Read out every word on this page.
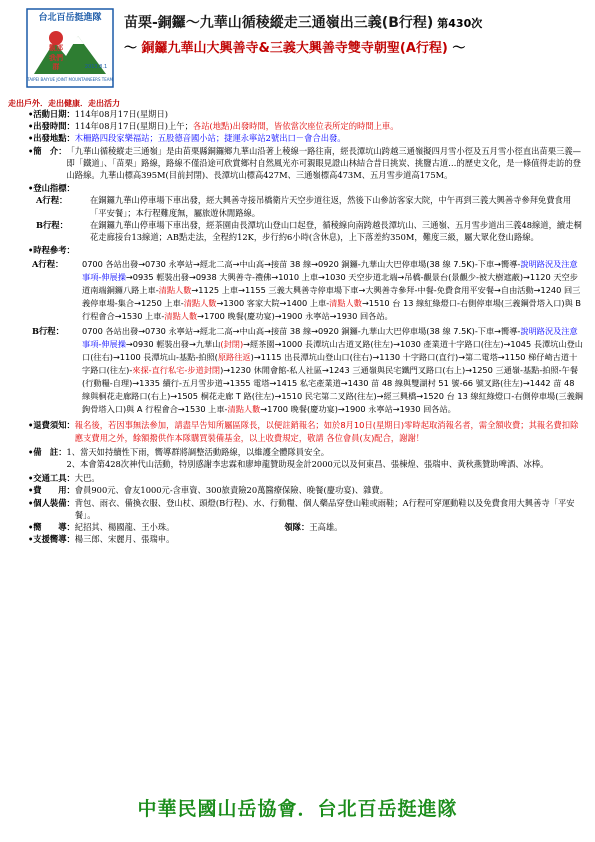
台北百岳挺進隊
觀那
我們
群
TAIPEI BAIYUE JOINT MOUNTAINEERS TEAM
2013.8.1
苗栗-銅鑼～九華山循稜縱走三通嶺出三義(B行程) 第430次
～ 銅鑼九華山大興善寺&三義大興善寺雙寺朝聖(A行程) ～
走出戶外．走出健康．走出活力
•活動日期：114年08月17日(星期日)
•出發時間：114年08月17日(星期日)上午；各站(地點)出發時間，皆依當次座位表所定的時間上車。
•出發地點：木柵路四段家樂福站；五股德音國小站；捷運永寧站2號出口－會合出發。
•簡　介： 「九華山循稜縱走三通嶺」是由苗栗縣銅鑼鄉九華山沿著上稜線一路往南，經長潭坑山跨越三通嶺擬四月雪小徑及五月雪小徑直出苗栗三義—即「鐵道」、「苗栗」路線，路線不僅沿途可欣賞鄉村自然風光亦可親眼見證山林結合昔日挑炭、挑鹽古道…的歷史文化，是一條值得走訪的登山路線。九華山標高395M(目前封閉)、長潭坑山標高427M、三通嶺標高473M、五月雪步道高175M。
•登山指標：
A行程：	在銅鑼九華山停車場下車出發，經大興善寺接吊橋衛片天空步道往返，然後下山參訪客家大院，中午再到三義大興善寺參拜免費食用「平安餐」；本行程難度無，屬旅遊休閒路線。
B行程：	在銅鑼九華山停車場下車出發，經茶園由長潭坑山登山口起登，循稜線向南跨越長潭坑山、三通嶺、五月雪步道出三義48線道，續走桐花走廊接台13線道；AB點走法，全程約12K，步行約6小時(含休息)，上下落差約350M，難度三級，屬大眾化登山路線。
•時程參考：
A行程：	0700 各站出發→0730 永寧站→經北二高→中山高→接苗 38 線→0920 銅鑼-九華山大巴停車場(38 線 7.5K)-下車→嚮導-說明路況及注意事項-伸展操→0935 輕裝出發→0938 大興善寺-禮佛→1010 上車→1030 天空步道北端→吊橋-觀景台(景觀少-被大樹遮蔽)→1120 天空步道南端銅鑼八路上車-清點人數→1125 上車→1155 三義大興善寺停車場下車→大興善寺參拜-中餐-免費食用平安餐→自由活動→1240 回三義停車場-集合→1250 上車-清點人數→1300 客家大院→1400 上車-清點人數→1510 台 13 線紅綠燈口-右側停車場(三義鋼骨塔入口)與 B 行程會合→1530 上車-清點人數→1700 晚餐(慶功宴)→1900 永寧站→1930 回各站。
B行程：	0700 各站出發→0730 永寧站→經北二高→中山高→接苗 38 線→0920 銅鑼-九華山大巴停車場(38 線 7.5K)-下車→嚮導-說明路況及注意事項-伸展操→0930 輕裝出發→九華山(封閉)→經茶園→1000 長潭坑山古道叉路(往左)→1030 產業道十字路口(往左)→1045 長潭坑山登山口(往右)→1100 長潭坑山-基點-拍照(原路往返)→1115 出長潭坑山登山口(往右)→1130 十字路口(直行)→第二電塔→1150 梯仔崎古道十字路口(往左)-來探-直行私宅-步道封閉)→1230 休閒會館-私人社區→1243 三通嶺與民宅鐵門叉路口(右上)→1250 三通嶺-基點-拍照-午餐(行動糧-自理)→1335 續行-五月雪步道→1355 電塔→1415 私宅產業道→1430 苗 48 線與雙湖村 51 號-66 號叉路(往左)→1442 苗 48 線與桐花走廊路口(右上)→1505 桐花走廊 T 路(往左)→1510 民宅第二叉路(往左)→經三興橋→1520 台 13 線紅綠燈口-右側停車場(三義鋼鉤骨塔入口)與 A 行程會合→1530 上車-清點人數→1700 晚餐(慶功宴)→1900 永寧站→1930 回各站。
•退費須知： 報名後，若因事無法參加，請盡早告知所屬區隊長，以便註銷報名；如於8月10日(星期日)零時起取消報名者，需全額收費；其報名費扣除應支費用之外，餘額撥供作本隊購買裝備基金，以上收費規定，敬請 各位會員(友)配合，謝謝！
•備　註： 1、當天如持續性下雨，嚮導群將調整活動路線，以維護全體隊員安全。
2、本會第428次神代山活動，特別感謝李忠霖和廖坤龍贊助現金計2000元以及何東昌、張棟煌、張瑞申、黃秋燕贊助啤酒、冰棒。
•交通工具：大巴。
•費　　用：會員900元、會友1000元-含車資、300旅責險20萬醫療保險、晚餐(慶功宴)、雜費。
•個人裝備： 背包、雨衣、備換衣服、登山杖、頭燈(B行程)、水、行動糧、個人藥品穿登山鞋或雨鞋；A行程可穿運動鞋以及免費食用大興善寺「平安餐」。
•嚮　　導：紀招其、楊國龍、王小珠。	領隊：王高雄。
•支援嚮導：楊三郎、宋麗月、張瑞申。
中華民國山岳協會．台北百岳挺進隊
